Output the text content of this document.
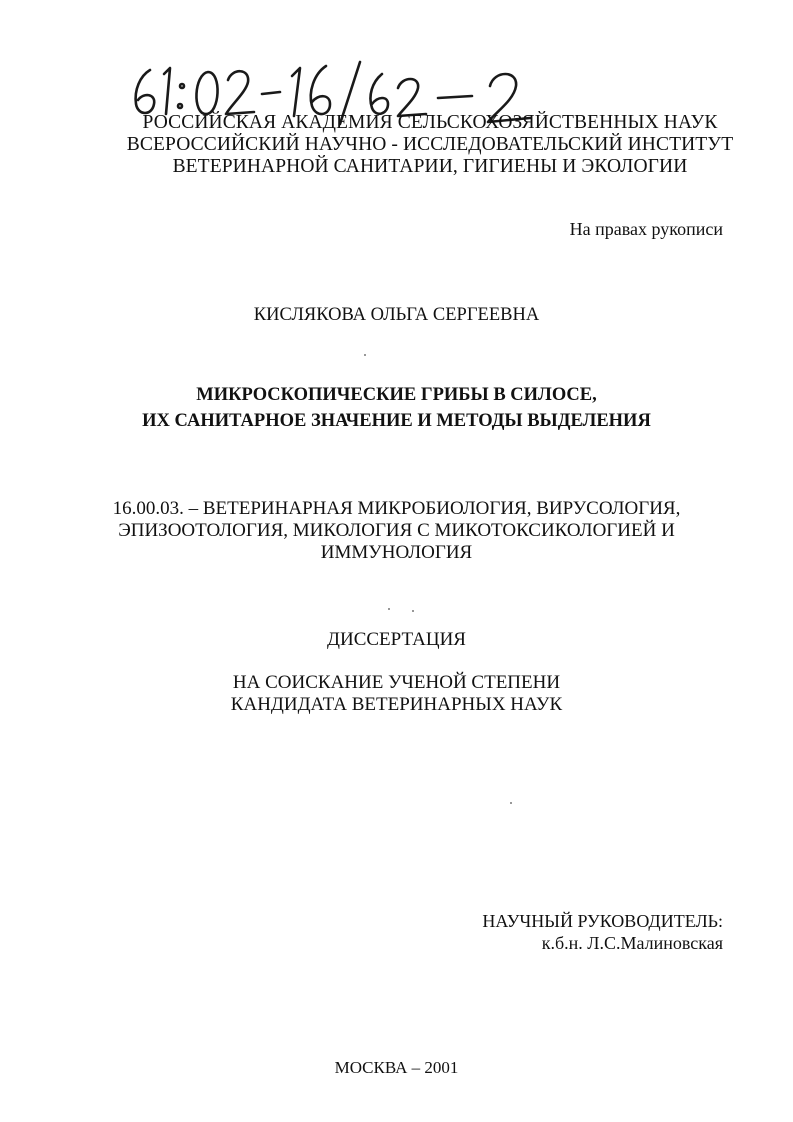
РОССИЙСКАЯ АКАДЕМИЯ СЕЛЬСКОХОЗЯЙСТВЕННЫХ НАУК
ВСЕРОССИЙСКИЙ НАУЧНО - ИССЛЕДОВАТЕЛЬСКИЙ ИНСТИТУТ
ВЕТЕРИНАРНОЙ САНИТАРИИ, ГИГИЕНЫ И ЭКОЛОГИИ
На правах рукописи
КИСЛЯКОВА ОЛЬГА СЕРГЕЕВНА
МИКРОСКОПИЧЕСКИЕ ГРИБЫ В СИЛОСЕ,
ИХ САНИТАРНОЕ ЗНАЧЕНИЕ И МЕТОДЫ ВЫДЕЛЕНИЯ
16.00.03. – ВЕТЕРИНАРНАЯ МИКРОБИОЛОГИЯ, ВИРУСОЛОГИЯ,
ЭПИЗООТОЛОГИЯ, МИКОЛОГИЯ С МИКОТОКСИКОЛОГИЕЙ И
ИММУНОЛОГИЯ
ДИССЕРТАЦИЯ
НА СОИСКАНИЕ УЧЕНОЙ СТЕПЕНИ
КАНДИДАТА ВЕТЕРИНАРНЫХ НАУК
НАУЧНЫЙ РУКОВОДИТЕЛЬ:
к.б.н. Л.С.Малиновская
МОСКВА – 2001
